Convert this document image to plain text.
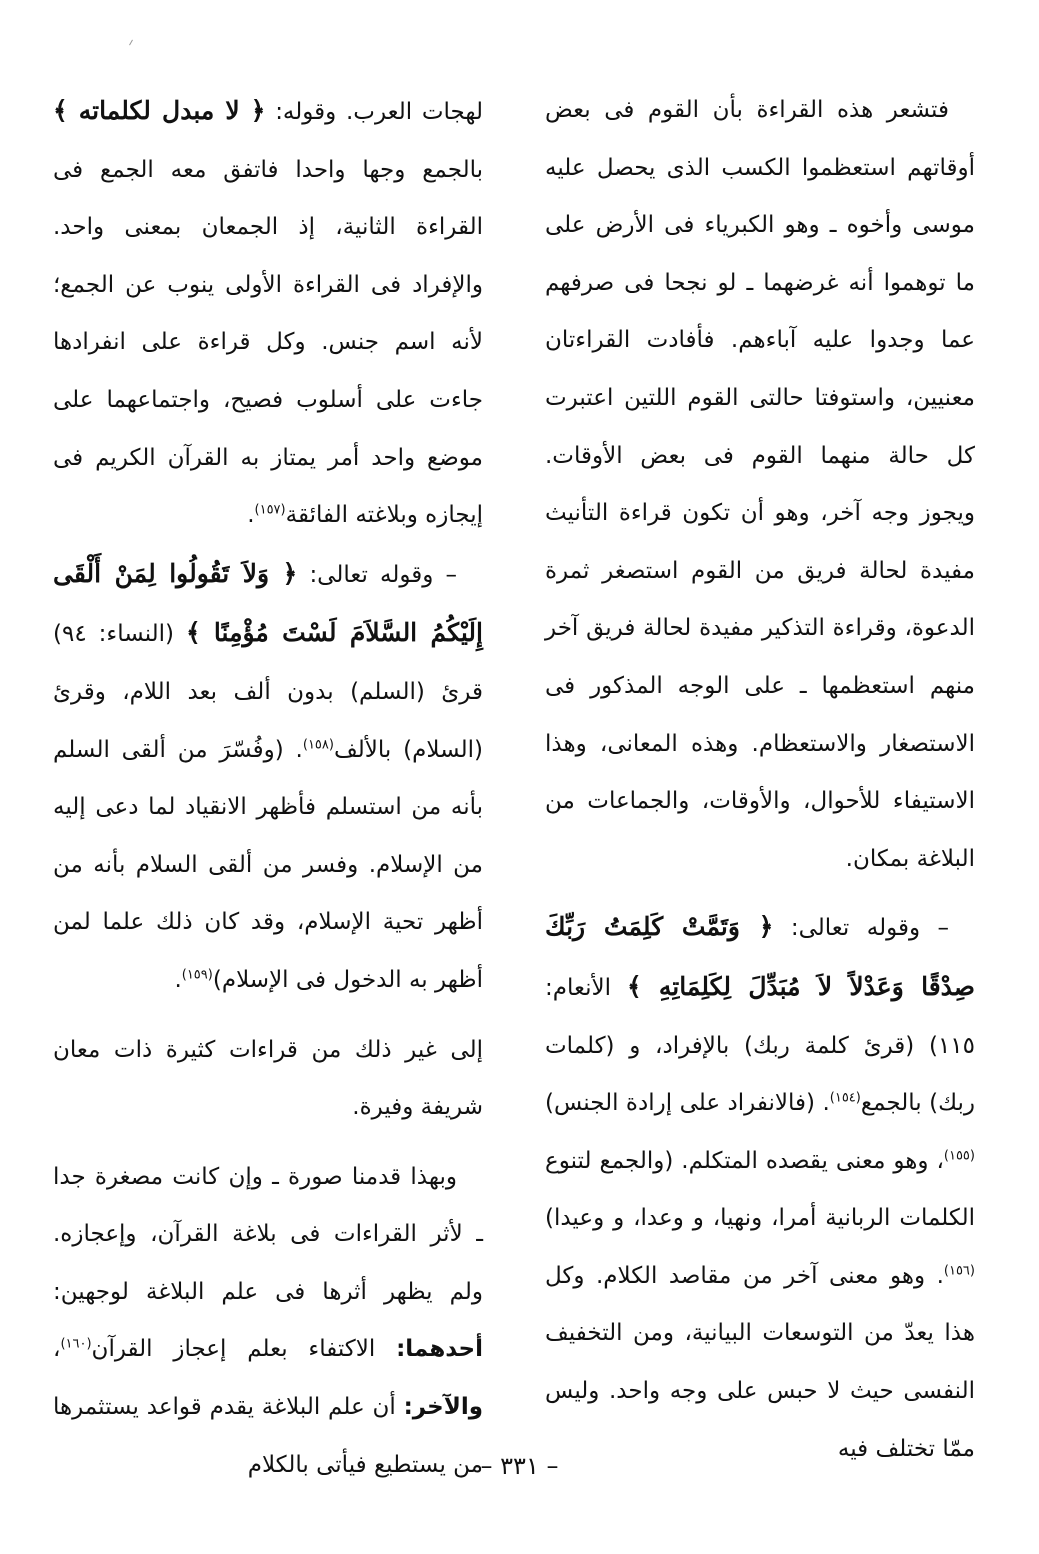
فتشعر هذه القراءة بأن القوم فى بعض أوقاتهم استعظموا الكسب الذى يحصل عليه موسى وأخوه ـ وهو الكبرياء فى الأرض على ما توهموا أنه غرضهما ـ لو نجحا فى صرفهم عما وجدوا عليه آباءهم. فأفادت القراءتان معنيين، واستوفتا حالتى القوم اللتين اعتبرت كل حالة منهما القوم فى بعض الأوقات. ويجوز وجه آخر، وهو أن تكون قراءة التأنيث مفيدة لحالة فريق من القوم استصغر ثمرة الدعوة، وقراءة التذكير مفيدة لحالة فريق آخر منهم استعظمها ـ على الوجه المذكور فى الاستصغار والاستعظام. وهذه المعانى، وهذا الاستيفاء للأحوال، والأوقات، والجماعات من البلاغة بمكان.

– وقوله تعالى: ﴿ وَتَمَّتْ كَلِمَتُ رَبِّكَ صِدْقًا وَعَدْلاً لاَ مُبَدِّلَ لِكَلِمَاتِهِ ﴾ الأنعام: ١١٥) (قرئ كلمة ربك) بالإفراد، و (كلمات ربك) بالجمع$^{(١٥٤)}$. (فالانفراد على إرادة الجنس)$^{(١٥٥)}$، وهو معنى يقصده المتكلم. (والجمع لتنوع الكلمات الربانية أمرا، ونهيا، و وعدا، و وعيدا)$^{(١٥٦)}$. وهو معنى آخر من مقاصد الكلام. وكل هذا يعدّ من التوسعات البيانية، ومن التخفيف النفسى حيث لا حبس على وجه واحد. وليس ممّا تختلف فيه

لهجات العرب. وقوله: ﴿ لا مبدل لكلماته ﴾ بالجمع وجها واحدا فاتفق معه الجمع فى القراءة الثانية، إذ الجمعان بمعنى واحد. والإفراد فى القراءة الأولى ينوب عن الجمع؛ لأنه اسم جنس. وكل قراءة على انفرادها جاءت على أسلوب فصيح، واجتماعهما على موضع واحد أمر يمتاز به القرآن الكريم فى إيجازه وبلاغته الفائقة$^{(١٥٧)}$.

– وقوله تعالى: ﴿ وَلاَ تَقُولُوا لِمَنْ أَلْقَى إِلَيْكُمُ السَّلاَمَ لَسْتَ مُؤْمِنًا ﴾ (النساء: ٩٤) قرئ (السلم) بدون ألف بعد اللام، وقرئ (السلام) بالألف$^{(١٥٨)}$. (وفُسّرَ من ألقى السلم بأنه من استسلم فأظهر الانقياد لما دعى إليه من الإسلام. وفسر من ألقى السلام بأنه من أظهر تحية الإسلام، وقد كان ذلك علما لمن أظهر به الدخول فى الإسلام)$^{(١٥٩)}$.

إلى غير ذلك من قراءات كثيرة ذات معان شريفة وفيرة.

وبهذا قدمنا صورة ـ وإن كانت مصغرة جدا ـ لأثر القراءات فى بلاغة القرآن، وإعجازه. ولم يظهر أثرها فى علم البلاغة لوجهين: أحدهما: الاكتفاء بعلم إعجاز القرآن$^{(١٦٠)}$، والآخر: أن علم البلاغة يقدم قواعد يستثمرها من يستطيع فيأتى بالكلام

– ٣٣١ –
